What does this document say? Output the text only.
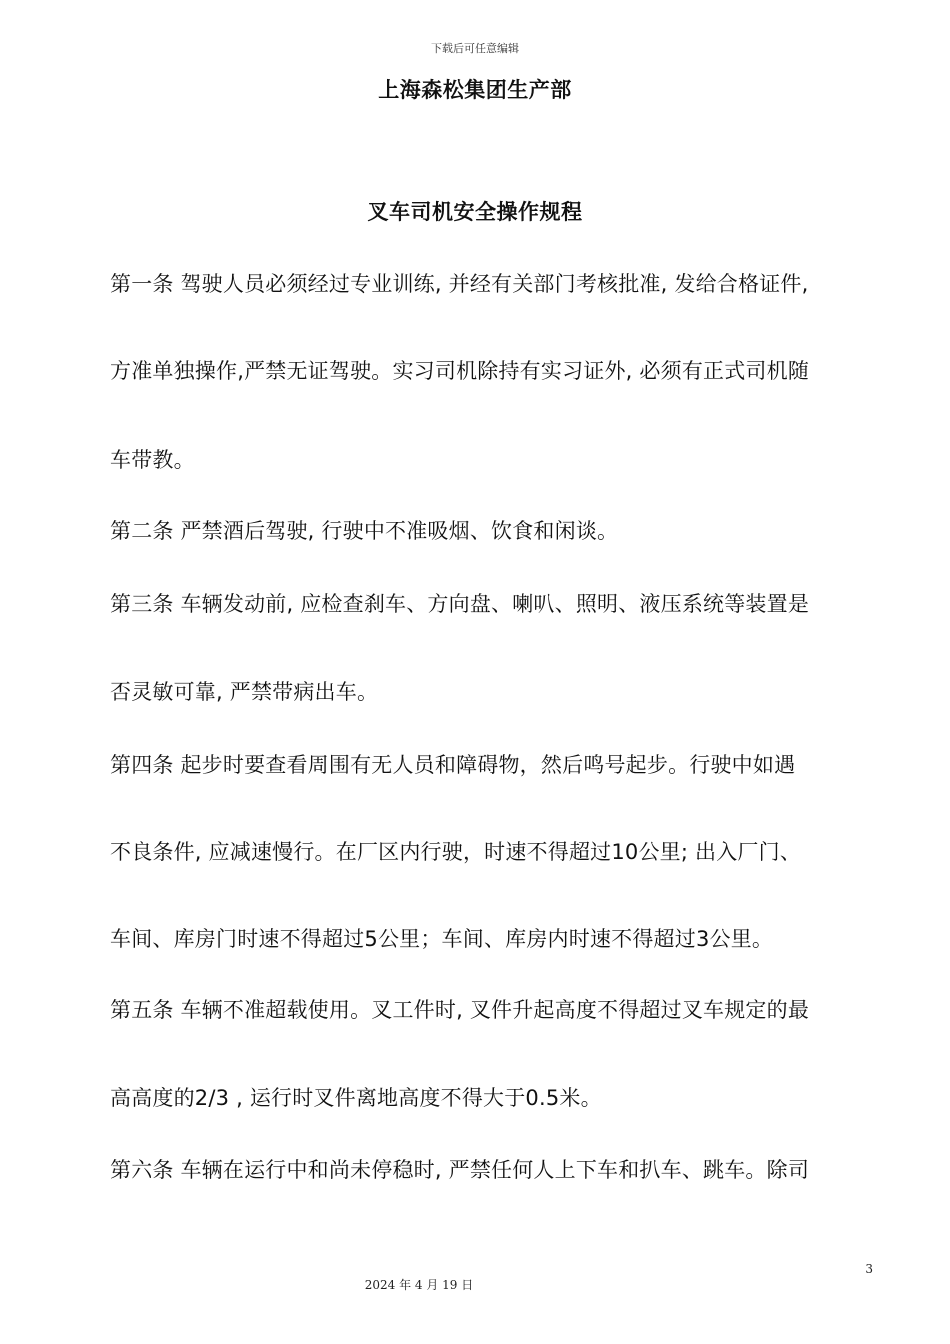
下载后可任意编辑
上海森松集团生产部
叉车司机安全操作规程
第一条 驾驶人员必须经过专业训练, 并经有关部门考核批准, 发给合格证件,
方准单独操作,严禁无证驾驶。实习司机除持有实习证外, 必须有正式司机随
车带教。
第二条 严禁酒后驾驶, 行驶中不准吸烟、饮食和闲谈。
第三条 车辆发动前, 应检查刹车、方向盘、喇叭、照明、液压系统等装置是
否灵敏可靠, 严禁带病出车。
第四条 起步时要查看周围有无人员和障碍物，然后鸣号起步。行驶中如遇
不良条件, 应减速慢行。在厂区内行驶，时速不得超过10公里; 出入厂门、
车间、库房门时速不得超过5公里；车间、库房内时速不得超过3公里。
第五条 车辆不准超载使用。叉工件时, 叉件升起高度不得超过叉车规定的最
高高度的2/3 , 运行时叉件离地高度不得大于0.5米。
第六条 车辆在运行中和尚未停稳时, 严禁任何人上下车和扒车、跳车。除司
3
2024 年 4 月 19 日
